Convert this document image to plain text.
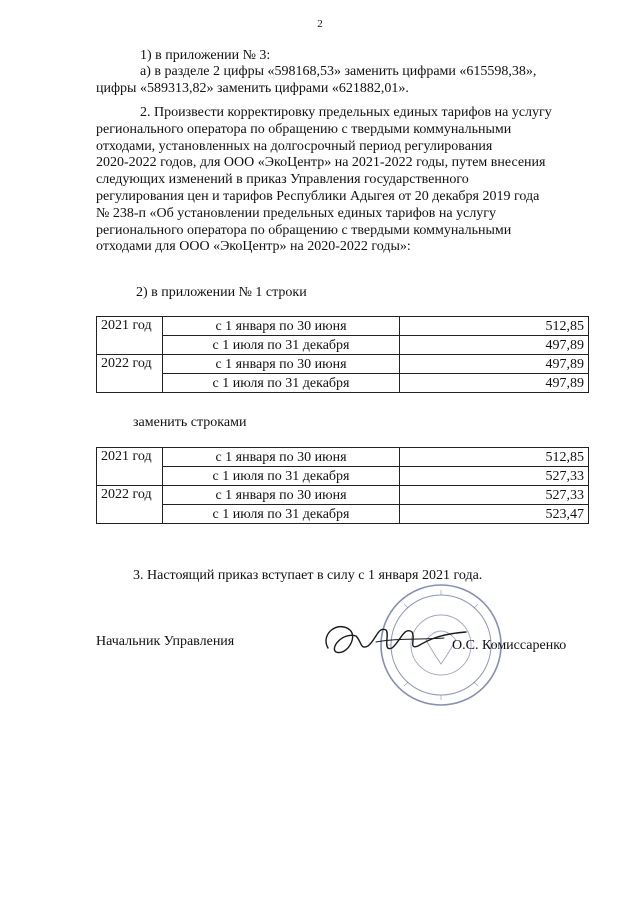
2

1) в приложении № 3:

а) в разделе 2 цифры «598168,53» заменить цифрами «615598,38»,
цифры «589313,82» заменить цифрами «621882,01».

2. Произвести корректировку предельных единых тарифов на услугу
регионального оператора по обращению с твердыми коммунальными
отходами, установленных на долгосрочный период регулирования
2020-2022 годов, для ООО «ЭкоЦентр» на 2021-2022 годы, путем внесения
следующих изменений в приказ Управления государственного
регулирования цен и тарифов Республики Адыгея от 20 декабря 2019 года
№ 238-п «Об установлении предельных единых тарифов на услугу
регионального оператора по обращению с твердыми коммунальными
отходами для ООО «ЭкоЦентр» на 2020-2022 годы»:

2) в приложении № 1 строки

2021 год	с 1 января по 30 июня	512,85
	с 1 июля по 31 декабря	497,89
2022 год	с 1 января по 30 июня	497,89
	с 1 июля по 31 декабря	497,89

заменить строками

2021 год	с 1 января по 30 июня	512,85
	с 1 июля по 31 декабря	527,33
2022 год	с 1 января по 30 июня	527,33
	с 1 июля по 31 декабря	523,47

3. Настоящий приказ вступает в силу с 1 января 2021 года.

Начальник Управления	О.С. Комиссаренко
